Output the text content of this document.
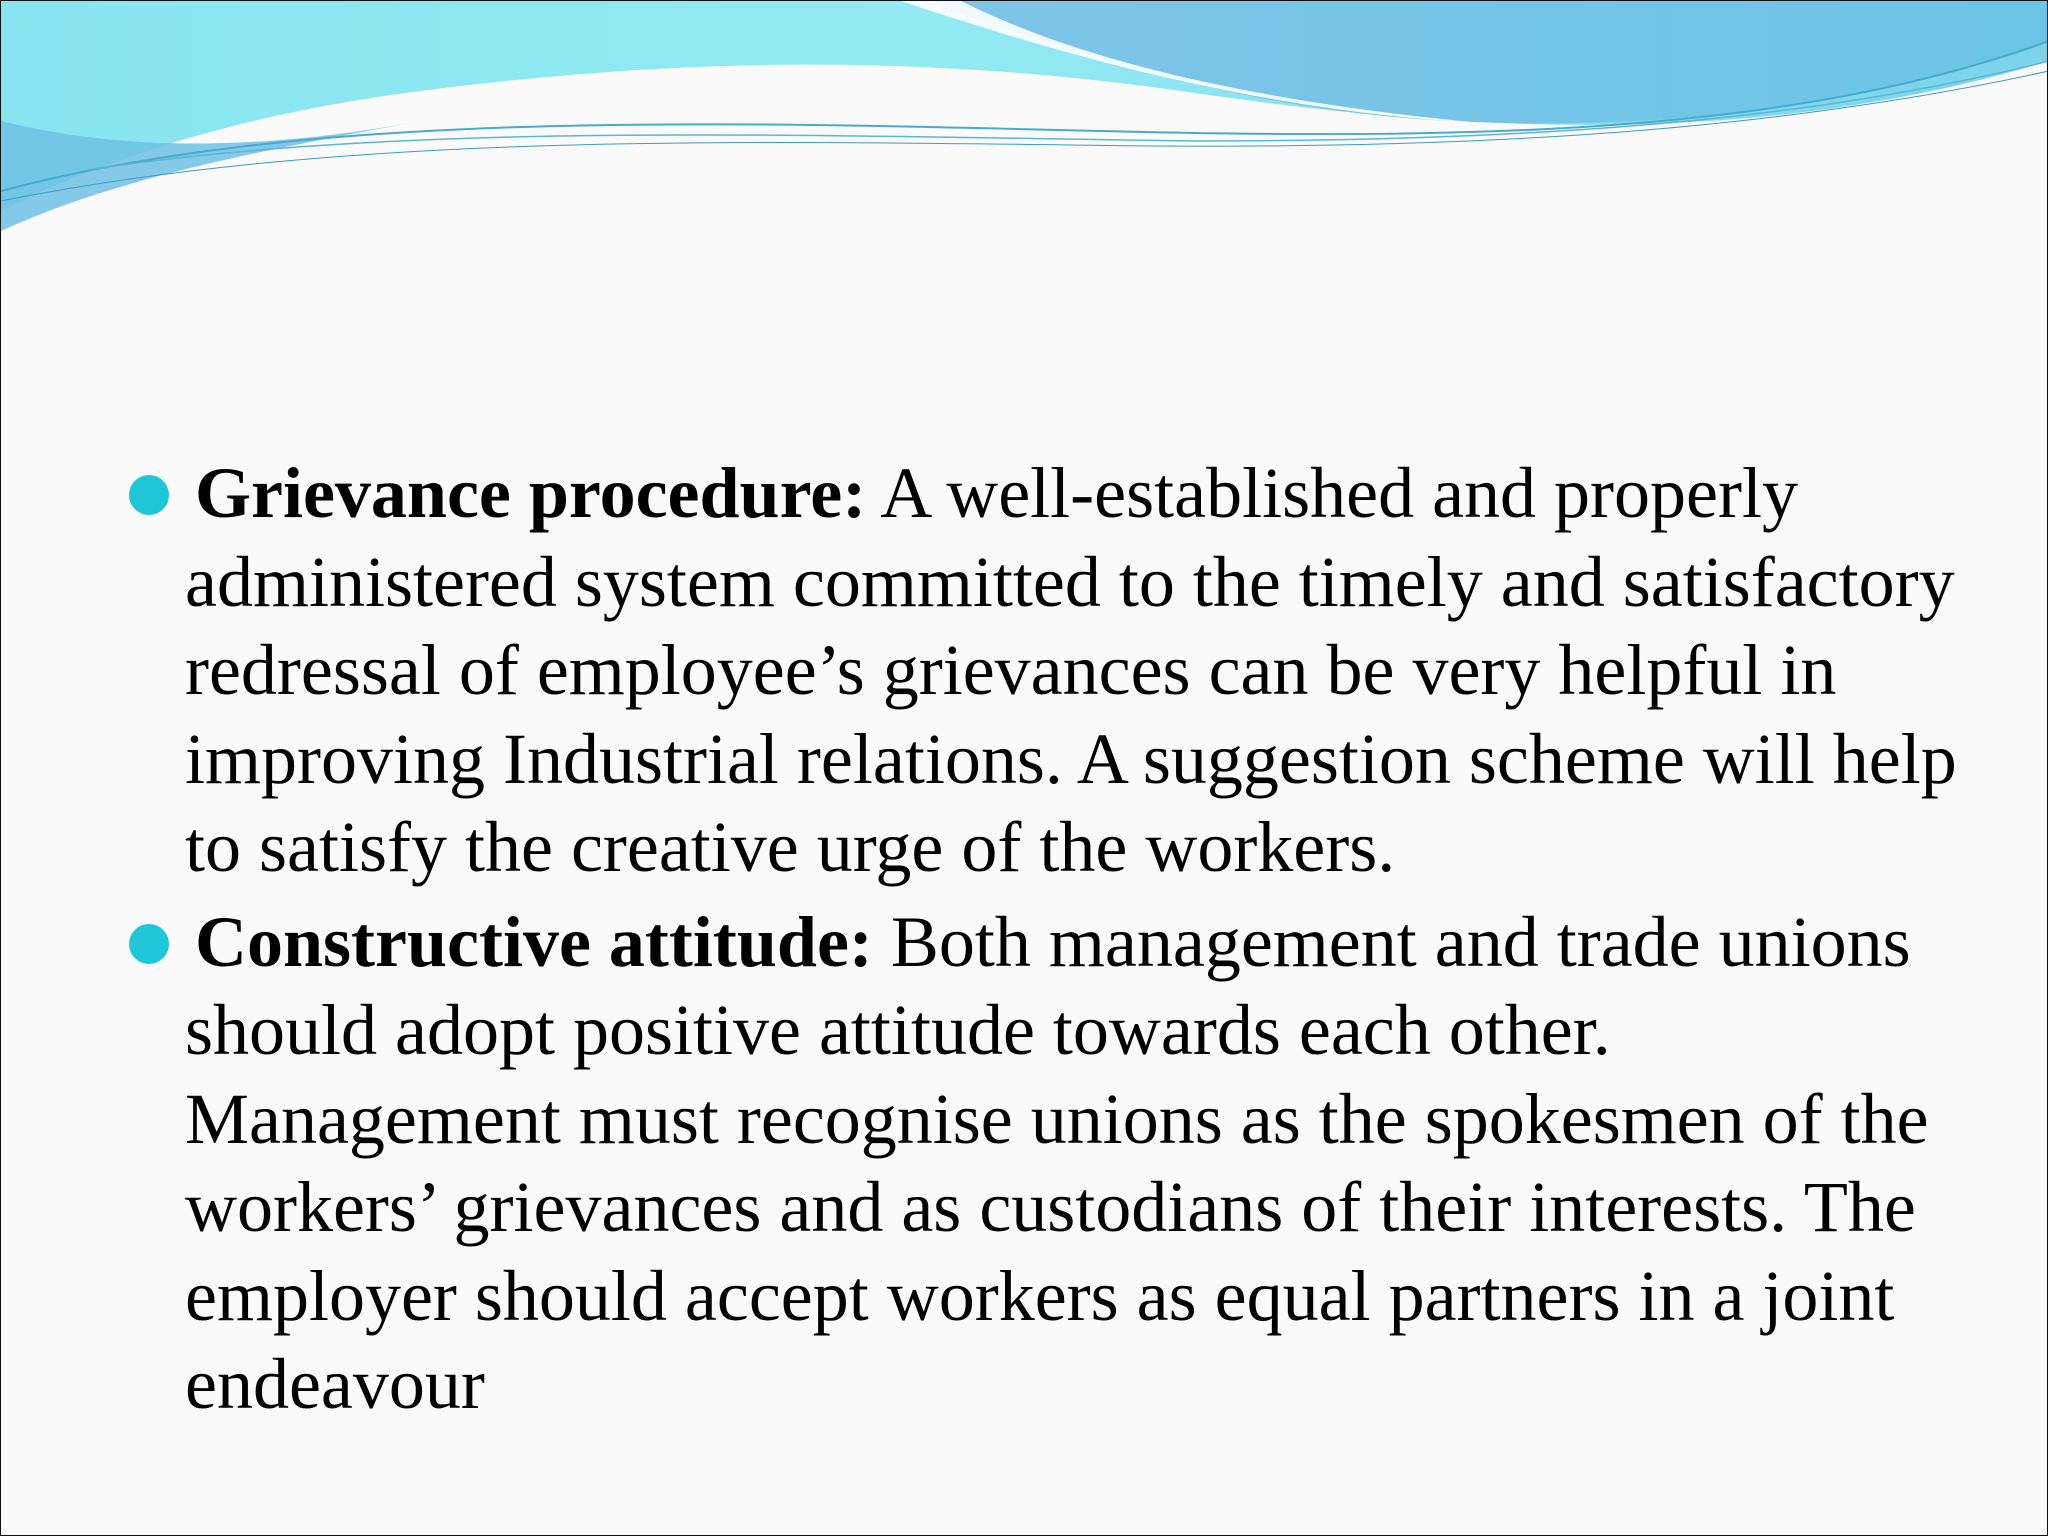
Grievance procedure: A well-established and properly administered system committed to the timely and satisfactory redressal of employee’s grievances can be very helpful in improving Industrial relations. A suggestion scheme will help to satisfy the creative urge of the workers.
Constructive attitude: Both management and trade unions should adopt positive attitude towards each other. Management must recognise unions as the spokesmen of the workers’ grievances and as custodians of their interests. The employer should accept workers as equal partners in a joint endeavour
